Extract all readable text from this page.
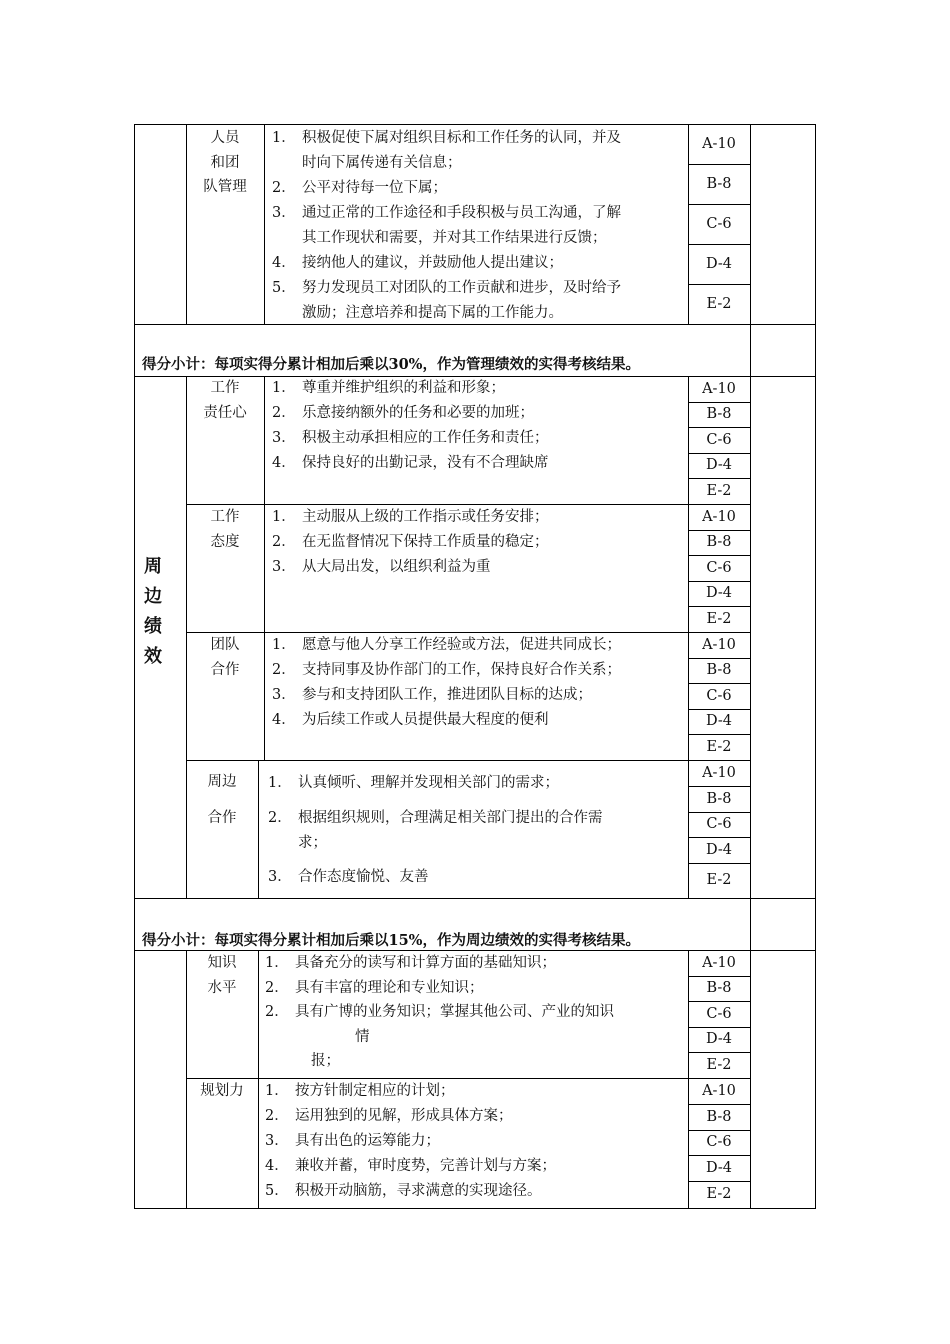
得分小计：每项实得分累计相加后乘以30%，作为管理绩效的实得考核结果。
得分小计：每项实得分累计相加后乘以15%，作为周边绩效的实得考核结果。
周
边
绩
效
人员
和团
队管理
1． 积极促使下属对组织目标和工作任务的认同，并及
时向下属传递有关信息；
2． 公平对待每一位下属；
3． 通过正常的工作途径和手段积极与员工沟通，了解
其工作现状和需要，并对其工作结果进行反馈；
4． 接纳他人的建议，并鼓励他人提出建议；
5． 努力发现员工对团队的工作贡献和进步，及时给予
激励；注意培养和提高下属的工作能力。
A-10
B-8
C-6
D-4
E-2
工作
责任心
1． 尊重并维护组织的利益和形象；
2． 乐意接纳额外的任务和必要的加班；
3． 积极主动承担相应的工作任务和责任；
4． 保持良好的出勤记录，没有不合理缺席
A-10
B-8
C-6
D-4
E-2
工作
态度
1． 主动服从上级的工作指示或任务安排；
2． 在无监督情况下保持工作质量的稳定；
3． 从大局出发，以组织利益为重
A-10
B-8
C-6
D-4
E-2
团队
合作
1． 愿意与他人分享工作经验或方法，促进共同成长；
2． 支持同事及协作部门的工作，保持良好合作关系；
3． 参与和支持团队工作，推进团队目标的达成；
4． 为后续工作或人员提供最大程度的便利
A-10
B-8
C-6
D-4
E-2
周边
合作
1． 认真倾听、理解并发现相关部门的需求；
2． 根据组织规则，合理满足相关部门提出的合作需
求；
3． 合作态度愉悦、友善
A-10
B-8
C-6
D-4
E-2
知识
水平
1． 具备充分的读写和计算方面的基础知识；
2． 具有丰富的理论和专业知识；
2． 具有广博的业务知识；掌握其他公司、产业的知识
情
报；
A-10
B-8
C-6
D-4
E-2
规划力	1． 按方针制定相应的计划；
2． 运用独到的见解，形成具体方案；
3． 具有出色的运筹能力；
4． 兼收并蓄，审时度势，完善计划与方案；
5． 积极开动脑筋，寻求满意的实现途径。
A-10
B-8
C-6
D-4
E-2
